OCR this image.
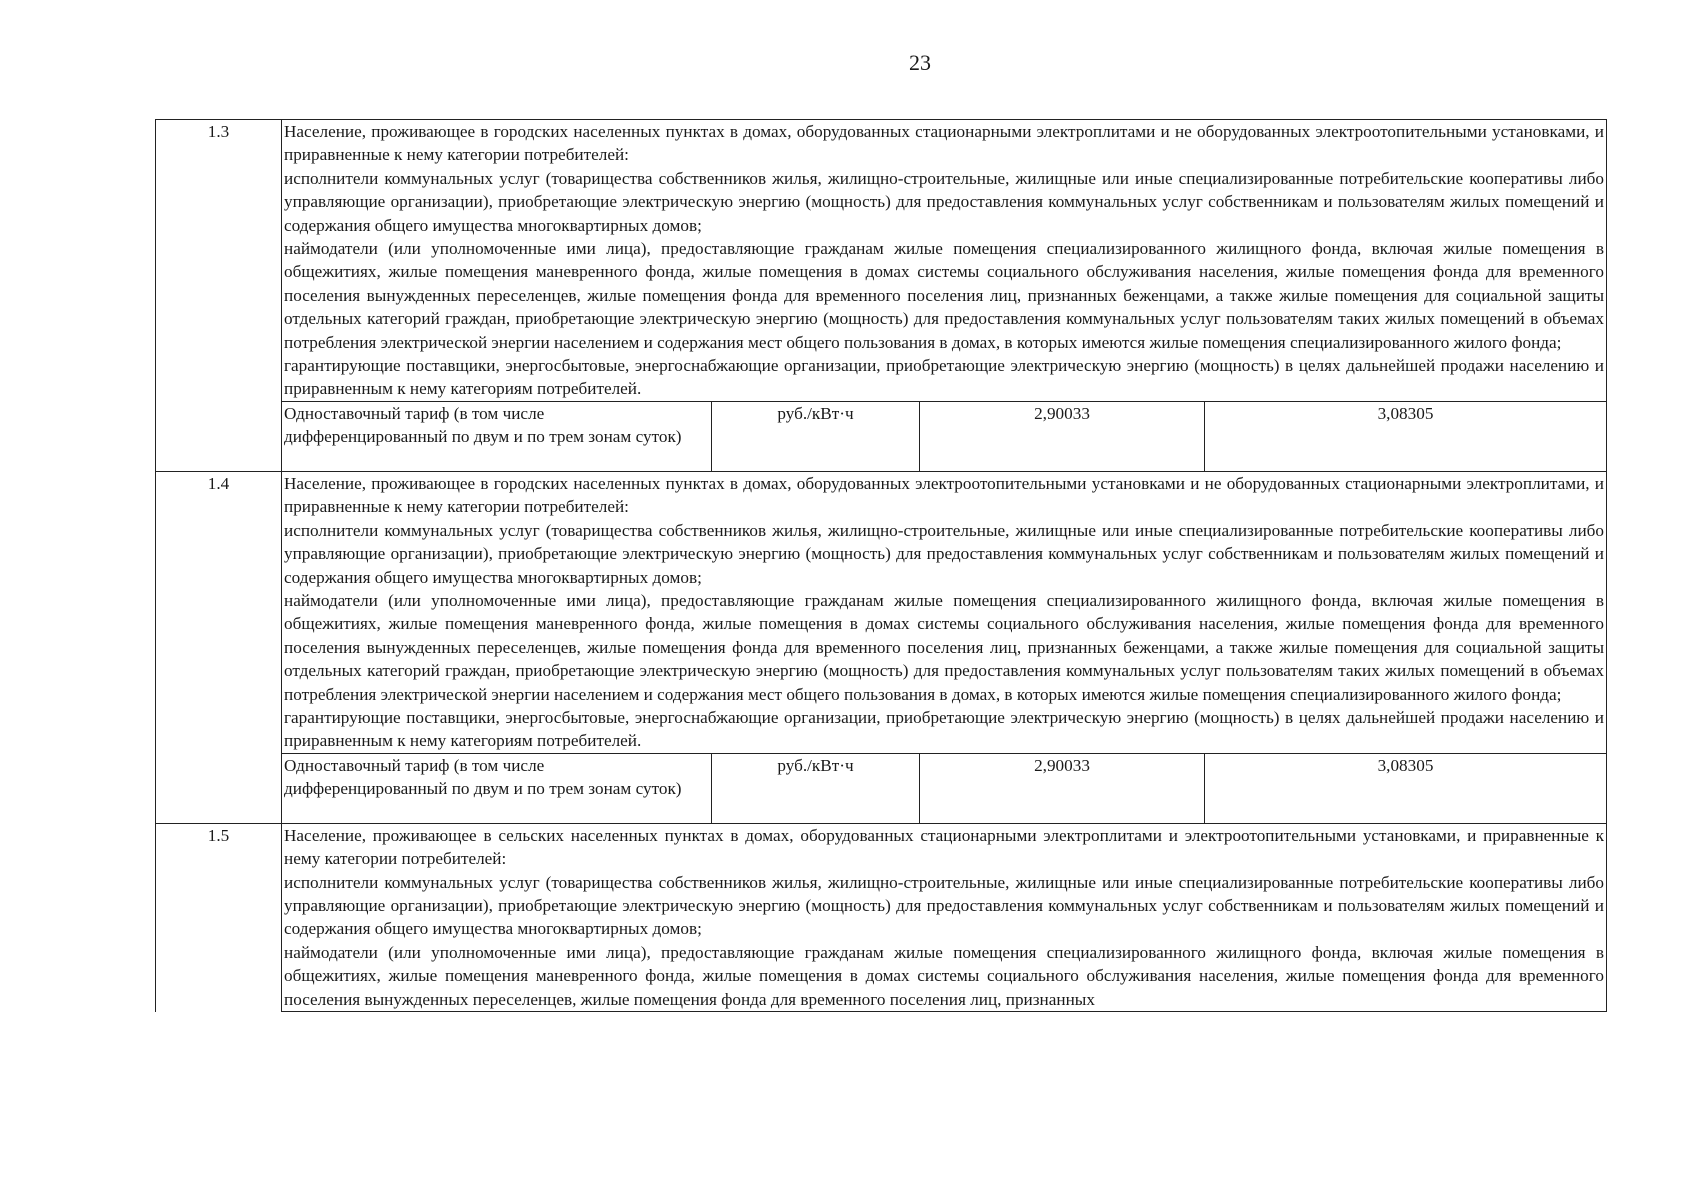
23
1.3	Население, проживающее в городских населенных пунктах в домах, оборудованных стационарными электроплитами и не оборудованных электроотопительными установками, и приравненные к нему категории потребителей:

исполнители коммунальных услуг (товарищества собственников жилья, жилищно-строительные, жилищные или иные специализированные потребительские кооперативы либо управляющие организации), приобретающие электрическую энергию (мощность) для предоставления коммунальных услуг собственникам и пользователям жилых помещений и содержания общего имущества многоквартирных домов;

наймодатели (или уполномоченные ими лица), предоставляющие гражданам жилые помещения специализированного жилищного фонда, включая жилые помещения в общежитиях, жилые помещения маневренного фонда, жилые помещения в домах системы социального обслуживания населения, жилые помещения фонда для временного поселения вынужденных переселенцев, жилые помещения фонда для временного поселения лиц, признанных беженцами, а также жилые помещения для социальной защиты отдельных категорий граждан, приобретающие электрическую энергию (мощность) для предоставления коммунальных услуг пользователям таких жилых помещений в объемах потребления электрической энергии населением и содержания мест общего пользования в домах, в которых имеются жилые помещения специализированного жилого фонда;

гарантирующие поставщики, энергосбытовые, энергоснабжающие организации, приобретающие электрическую энергию (мощность) в целях дальнейшей продажи населению и приравненным к нему категориям потребителей.			

	Одноставочный тариф (в том числе дифференцированный по двум и по трем зонам суток)	руб./кВт·ч	2,90033	3,08305
1.4	Население, проживающее в городских населенных пунктах в домах, оборудованных электроотопительными установками и не оборудованных стационарными электроплитами, и приравненные к нему категории потребителей:

исполнители коммунальных услуг (товарищества собственников жилья, жилищно-строительные, жилищные или иные специализированные потребительские кооперативы либо управляющие организации), приобретающие электрическую энергию (мощность) для предоставления коммунальных услуг собственникам и пользователям жилых помещений и содержания общего имущества многоквартирных домов;

наймодатели (или уполномоченные ими лица), предоставляющие гражданам жилые помещения специализированного жилищного фонда, включая жилые помещения в общежитиях, жилые помещения маневренного фонда, жилые помещения в домах системы социального обслуживания населения, жилые помещения фонда для временного поселения вынужденных переселенцев, жилые помещения фонда для временного поселения лиц, признанных беженцами, а также жилые помещения для социальной защиты отдельных категорий граждан, приобретающие электрическую энергию (мощность) для предоставления коммунальных услуг пользователям таких жилых помещений в объемах потребления электрической энергии населением и содержания мест общего пользования в домах, в которых имеются жилые помещения специализированного жилого фонда;

гарантирующие поставщики, энергосбытовые, энергоснабжающие организации, приобретающие электрическую энергию (мощность) в целях дальнейшей продажи населению и приравненным к нему категориям потребителей.			

	Одноставочный тариф (в том числе дифференцированный по двум и по трем зонам суток)	руб./кВт·ч	2,90033	3,08305
1.5	Население, проживающее в сельских населенных пунктах в домах, оборудованных стационарными электроплитами и электроотопительными установками, и приравненные к нему категории потребителей:

исполнители коммунальных услуг (товарищества собственников жилья, жилищно-строительные, жилищные или иные специализированные потребительские кооперативы либо управляющие организации), приобретающие электрическую энергию (мощность) для предоставления коммунальных услуг собственникам и пользователям жилых помещений и содержания общего имущества многоквартирных домов;

наймодатели (или уполномоченные ими лица), предоставляющие гражданам жилые помещения специализированного жилищного фонда, включая жилые помещения в общежитиях, жилые помещения маневренного фонда, жилые помещения в домах системы социального обслуживания населения, жилые помещения фонда для временного поселения вынужденных переселенцев, жилые помещения фонда для временного поселения лиц, признанных			
